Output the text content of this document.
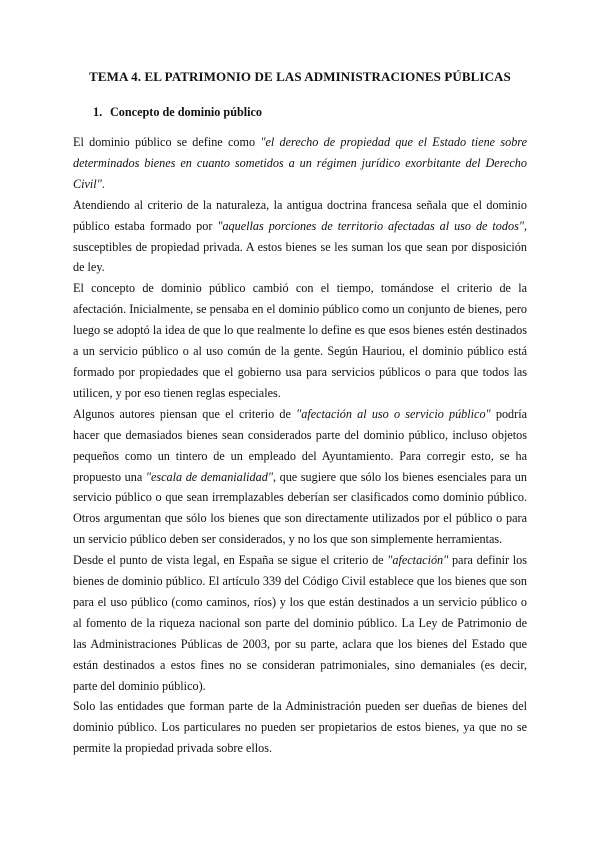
TEMA 4. EL PATRIMONIO DE LAS ADMINISTRACIONES PÚBLICAS
1. Concepto de dominio público

El dominio público se define como "el derecho de propiedad que el Estado tiene sobre determinados bienes en cuanto sometidos a un régimen jurídico exorbitante del Derecho Civil".

Atendiendo al criterio de la naturaleza, la antigua doctrina francesa señala que el dominio público estaba formado por "aquellas porciones de territorio afectadas al uso de todos", susceptibles de propiedad privada. A estos bienes se les suman los que sean por disposición de ley.

El concepto de dominio público cambió con el tiempo, tomándose el criterio de la afectación. Inicialmente, se pensaba en el dominio público como un conjunto de bienes, pero luego se adoptó la idea de que lo que realmente lo define es que esos bienes estén destinados a un servicio público o al uso común de la gente. Según Hauriou, el dominio público está formado por propiedades que el gobierno usa para servicios públicos o para que todos las utilicen, y por eso tienen reglas especiales.

Algunos autores piensan que el criterio de "afectación al uso o servicio público" podría hacer que demasiados bienes sean considerados parte del dominio público, incluso objetos pequeños como un tintero de un empleado del Ayuntamiento. Para corregir esto, se ha propuesto una "escala de demanialidad", que sugiere que sólo los bienes esenciales para un servicio público o que sean irremplazables deberían ser clasificados como dominio público. Otros argumentan que sólo los bienes que son directamente utilizados por el público o para un servicio público deben ser considerados, y no los que son simplemente herramientas.

Desde el punto de vista legal, en España se sigue el criterio de "afectación" para definir los bienes de dominio público. El artículo 339 del Código Civil establece que los bienes que son para el uso público (como caminos, ríos) y los que están destinados a un servicio público o al fomento de la riqueza nacional son parte del dominio público. La Ley de Patrimonio de las Administraciones Públicas de 2003, por su parte, aclara que los bienes del Estado que están destinados a estos fines no se consideran patrimoniales, sino demaniales (es decir, parte del dominio público).

Solo las entidades que forman parte de la Administración pueden ser dueñas de bienes del dominio público. Los particulares no pueden ser propietarios de estos bienes, ya que no se permite la propiedad privada sobre ellos.
